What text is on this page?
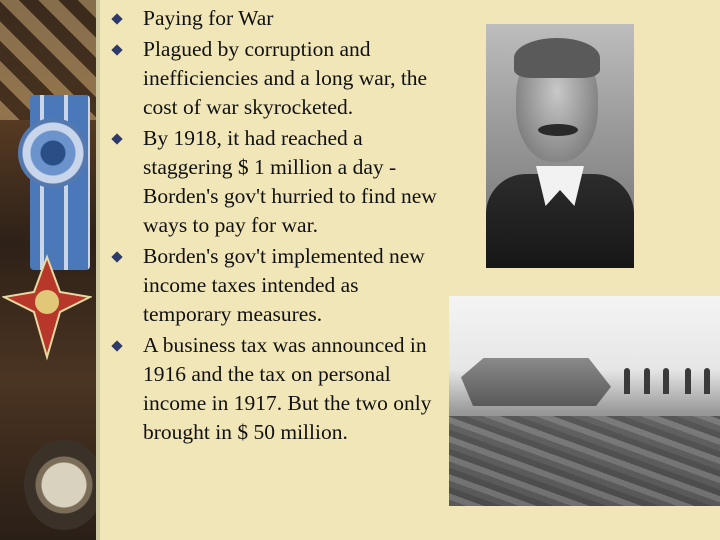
Paying for War
Plagued by corruption and inefficiencies and a long war, the cost of war skyrocketed.
By 1918, it had reached a staggering $ 1 million a day - Borden's gov't hurried to find new ways to pay for war.
Borden's gov't implemented new income taxes intended as temporary measures.
A business tax was announced in 1916 and the tax on personal income in 1917. But the two only brought in $ 50 million.
